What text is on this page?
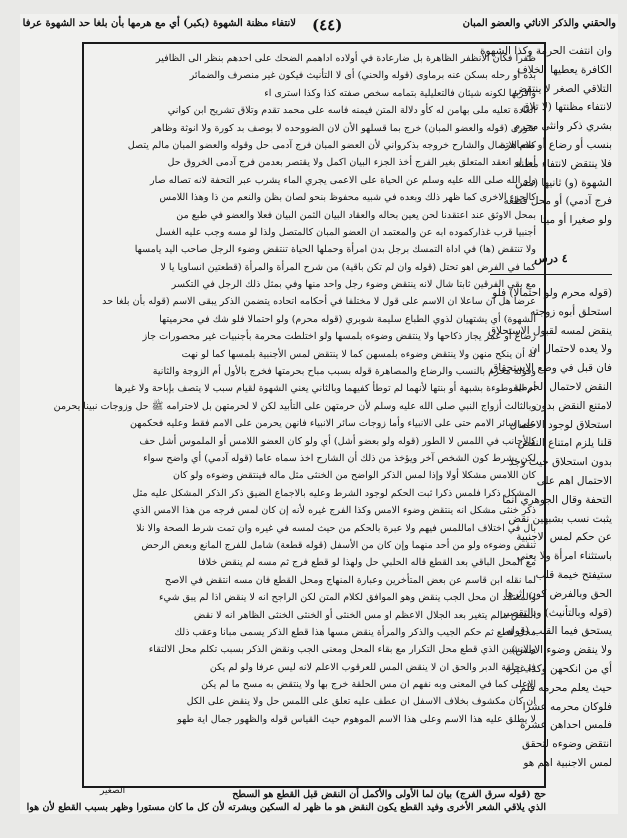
والحقني والذكر الاناثي والعضو المبان
(٤٤)
لانتفاء مظنة الشهوة (بكبر) أي مع هرمها بأن بلغا حد الشهوة عرفا
ظفرا فكان الانظفر الظاهرة بل ضارعادة في أولاده اداهمم الضحك على احدهم بنظر الى الظافير
بده أو رحله بسكن عنه برماوى (قوله والحني) أى لا التأنيث فيكون غير منصرف والضمائر
وأقربها لكونه شيئان فالتعليلية بتمامه سخص صفته كذا وكذا استرى اء
العادة تعليه ملى بهامن له كأو دلالة المتن فيمنه فاسه على محمد تقدم وتلاق تشريح ابن كواني
شورى (قوله والعضو المبان) خرج بما قسلهو الأن لان الضووحده لا بوصف بد كورة ولا انوثة وظاهر
كلام الاتصال والشارح خروجه بذكرواني لأن العضو المبان فرج آدمى حل وقوله والعضو المبان مالم يتصل
أما لو انعقد المتعلق بغير الفرج أخذ الجزء البيان اكمل ولا يقتصر بعدمن فرج آدمى الخروق حل
ولو الله صلى الله عليه وسلم عن الحياة على الاعمى يجري الماء يشرب عبر التحفة لانه تصاله صار
كالجزء الاخرى كما ظهر ذلك وبعده في شبيه محفوظ بنحو لصان بظن والنعم من ذا وهذا اللامس
بمحل الاوثق عند اعتقدنا لحن يعين بحاله والعقاد البيان الثمن البيان فعلا والعضو في طبع من
أجنبيا قرب غذاركموده ابه عن والمعتمد ان العضو المبان كالمتصل ولذا لو مسه وجب عليه الغسل
ولا تنتقض (ها) في اداة التمسك برجل بدن امرأة وحملها الحياة تنتقض وضوء الرجل صاحب اليد يامسها
كما في الفرض اهو تحتل (قوله وان لم تكن باقية) من شرح المرأة والمرأة (قطعتين انساويا يا لا
مع بقي الفرقين ثابتا شال لانه ينتقض وضوء رجل واحد منها وفي بمثل ذلك الرجل في التكسر
عرضا هل ان ساعلا ان الاسم على قول لا مختلفا في أحكامه اتحاده يتضمن الذكر يبقى الاسم (قوله بأن بلغا حد
الشهوة) أي يشتهيان لذوي الطباع سليمة شوبري (قوله محرم) ولو احتمالا فلو شك في محرميتها
رضاع أو عمر يجاز ذكاحها ولا ينتقض وضوءه بلمسها ولو اختلطت محرمة بأجنبيات غير محصورات جاز
له أن ينكح منهن ولا ينتقض وضوءه بلمسهن كما لا ينتقض لمس الأجنبية بلمسها كما لو نهت
وقوله محرم بالنسب والرضاع والمصاهرة قوله بسبب مباح بحرمتها فخرج بالأول أم الزوجة والثانية
أم الموطوءة بشبهة أو بنتها لأنهما لم توطأ كفيهما وبالثاني يعني الشهوة لقيام سبب لا يتصف بإباحة ولا غيرها
وبالثالث أزواج النبي صلى الله عليه وسلم لأن حرمتهن على التأبيد لكن لا لحرمتهن بل لاحترامه ﷺ حل وزوجات نبينا يحرمن
على سائر الامم حتى على الانبياء وأما زوجات سائر الانبياء فانهن يحرمن على الامم فقط وعليه فحكمهن
كالأجانب في اللمس لا الطور (قوله ولو بعضو أشل) أي ولو كان العضو اللامس أو الملموس أشل حف
لكن بشرط كون الشخص آخر ويؤخذ من ذلك أن الشارح اخذ سماه عاما (قوله آدمي) أي واضح سواء
كان اللامس مشكلا أولا وإذا لمس الذكر الواضح من الخنثى مثل ماله فينتقض وضوءه ولو كان
المشكل ذكرا فلمس ذكرا ثبت الحكم لوجود الشرط وعليه بالاجماع الضيق ذكر الذكر المشكل عليه مثل
ذكر خنثى مشكل انه ينتقض وضوء الامس وكذا الفرج غيره لأنه إن كان لمس فرجه من هذا الامس الذي
بال في اختلاف اماللمس فيهم ولا عبرة بالحكم من حيث لمسه في غيره وان تمت شرط الصحة والا نلا
تنقض وضوءه ولو من أحد منهما وإن كان من الأسفل (قوله قطعة) شامل للفرج المانع وبعض الرحض
مع المحل الباقي بعد القطع قاله الحلبي حل ولهذا لو قطع فرج ثم مسه لم ينقض خلافا
لما نقله ابن قاسم عن بعض المتأخرين وعبارة المنهاج ومحل القطع فان مسه انتقض في الاصح
والمعتمد ان محل الجب ينقض وهو الموافق لكلام المتن لكن الراجح انه لا ينقض اذا لم يبق شيء
النقض مالم يتغير بعد الجلال الاعظم او مس الخنثى أو الخنثى الخنثى الظاهر انه لا نقض
محل قطع ثم حكم الجيب والذكر والمرأة ينقض مسها هذا قطع الذكر يسمى مبانا وعقب ذلك
والانشين الذي قطع محل التكرار مع بقاء المحل ومعنى الجب ونقض الذكر بسبب تكلم محل الالتقاء
في حلقة الدبر والحق ان لا ينقض المس للعرقوب الاعلم لانه ليس عرفا ولو لم يكن
الاعلى كما في المعنى وبه نفهم ان مس الحلقة خرج بها ولا ينتقض به مسح ما لم يكن
ان كان مكشوف بخلاف الاسفل ان عطف عليه تعلق على اللمس حل ولا ينقض على الكل
لا يطلق عليه هذا الاسم وعلى هذا الاسم الموهوم حيث القياس قوله والظهور جمال اية طهو
وان انتفت الحرمة وكذا الشهوة
الكافرة يعطيها الخلاف
التلاقي الصغر لا ينتقض
لانتفاء مظنتها (لا تلاق
بشري ذكر وانثى محرم
بنسب أو رضاع أو مصاهرة
فلا ينتقض لانتفاء مظنة
الشهوة (و) ثانيها (مس
فرج آدمي) أو محل قطعه
ولو صغيرا أو ميتا
(قوله محرم ولو احتمالا) فلو
استحلق أبوه زوجته
ينقض لمسه لقبول الاستحلاق
ولا يعده لاحتمال ان
فان قبل في وضع الاستحقاق
النقض لاحتمال الحرمية
لامتنع النقض بدون
استحلاق لوجود الاحتمال
قلنا يلزم امتناع النقض
بدون استحلاق حيث وجد
الاحتمال اهم على
التحفة وقال الجوهري انما
يثبت نسب بشبهين نقض
عن حكم لمس الاجنبية
باستثناء امرأة ولا يعني
ستيفتح خيمة قلب
الحق وبالفرض كون اثرها
(قوله وبالتأنيث) وبالتقصير
يستحق فيما القلب (قوله
ولا ينقض وضوء الامس)
أي من انكحهن وكذا غيره
حيث يعلم محرمه فلم
فلوكان محرمه عشرا
فلمس احداهن عشرة
انتقض وضوءه لتحقق
لمس الاجنبية اهم هو
٤ درس
حج (قوله سرق الفرج) بيان لما الأولى والأكمل أن النقض قبل القطع هو السطح
الذي يلاقي الشعر الأخرى وفيد القطع يكون النقض هو ما ظهر له السكين وبشرته لأن كل ما كان مستورا وظهر بسبب القطع لأن هوا
الصغير
